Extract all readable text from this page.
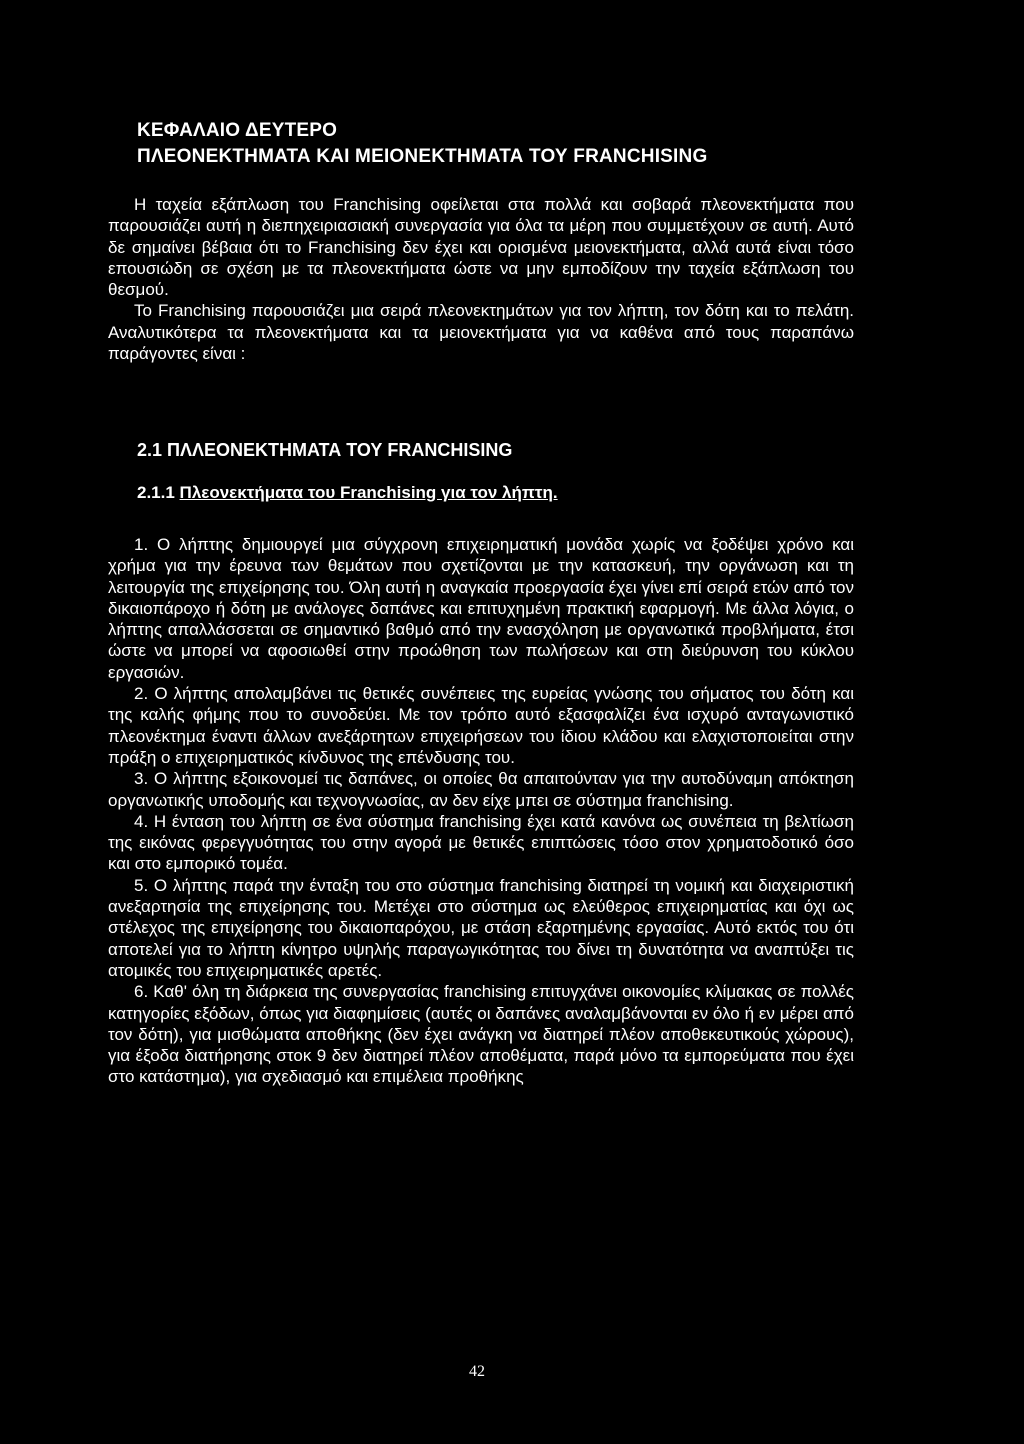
ΚΕΦΑΛΑΙΟ ΔΕΥΤΕΡΟ
ΠΛΕΟΝΕΚΤΗΜΑΤΑ ΚΑΙ ΜΕΙΟΝΕΚΤΗΜΑΤΑ ΤΟΥ FRANCHISING

Η ταχεία εξάπλωση του Franchising οφείλεται στα πολλά και σοβαρά πλεονεκτήματα που παρουσιάζει αυτή η διεπηχειριασιακή συνεργασία για όλα τα μέρη που συμμετέχουν σε αυτή. Αυτό δε σημαίνει βέβαια ότι το Franchising δεν έχει και ορισμένα μειονεκτήματα, αλλά αυτά είναι τόσο επουσιώδη σε σχέση με τα πλεονεκτήματα ώστε να μην εμποδίζουν την ταχεία εξάπλωση του θεσμού.

Το Franchising παρουσιάζει μια σειρά πλεονεκτημάτων για τον λήπτη, τον δότη και το πελάτη. Αναλυτικότερα τα πλεονεκτήματα και τα μειονεκτήματα για να καθένα από τους παραπάνω παράγοντες είναι :

2.1 ΠΛΛΕΟΝΕΚΤΗΜΑΤΑ ΤΟΥ FRANCHISING
2.1.1 Πλεονεκτήματα του Franchising για τον λήπτη.

1. Ο λήπτης δημιουργεί μια σύγχρονη επιχειρηματική μονάδα χωρίς να ξοδέψει χρόνο και χρήμα για την έρευνα των θεμάτων που σχετίζονται με την κατασκευή, την οργάνωση και τη λειτουργία της επιχείρησης του. Όλη αυτή η αναγκαία προεργασία έχει γίνει επί σειρά ετών από τον δικαιοπάροχο ή δότη με ανάλογες δαπάνες και επιτυχημένη πρακτική εφαρμογή. Με άλλα λόγια, ο λήπτης απαλλάσσεται σε σημαντικό βαθμό από την ενασχόληση με οργανωτικά προβλήματα, έτσι ώστε να μπορεί να αφοσιωθεί στην προώθηση των πωλήσεων και στη διεύρυνση του κύκλου εργασιών.

2. Ο λήπτης απολαμβάνει τις θετικές συνέπειες της ευρείας γνώσης του σήματος του δότη και της καλής φήμης που το συνοδεύει. Με τον τρόπο αυτό εξασφαλίζει ένα ισχυρό ανταγωνιστικό πλεονέκτημα έναντι άλλων ανεξάρτητων επιχειρήσεων του ίδιου κλάδου και ελαχιστοποιείται στην πράξη ο επιχειρηματικός κίνδυνος της επένδυσης του.

3. Ο λήπτης εξοικονομεί τις δαπάνες, οι οποίες θα απαιτούνταν για την αυτοδύναμη απόκτηση οργανωτικής υποδομής και τεχνογνωσίας, αν δεν είχε μπει σε σύστημα franchising.

4. Η ένταση του λήπτη σε ένα σύστημα franchising έχει κατά κανόνα ως συνέπεια τη βελτίωση της εικόνας φερεγγυότητας του στην αγορά με θετικές επιπτώσεις τόσο στον χρηματοδοτικό όσο και στο εμπορικό τομέα.

5. Ο λήπτης παρά την ένταξη του στο σύστημα franchising διατηρεί τη νομική και διαχειριστική ανεξαρτησία της επιχείρησης του. Μετέχει στο σύστημα ως ελεύθερος επιχειρηματίας και όχι ως στέλεχος της επιχείρησης του δικαιοπαρόχου, με στάση εξαρτημένης εργασίας. Αυτό εκτός του ότι αποτελεί για το λήπτη κίνητρο υψηλής παραγωγικότητας του δίνει τη δυνατότητα να αναπτύξει τις ατομικές του επιχειρηματικές αρετές.

6. Καθ' όλη τη διάρκεια της συνεργασίας franchising επιτυγχάνει οικονομίες κλίμακας σε πολλές κατηγορίες εξόδων, όπως για διαφημίσεις (αυτές οι δαπάνες αναλαμβάνονται εν όλο ή εν μέρει από τον δότη), για μισθώματα αποθήκης (δεν έχει ανάγκη να διατηρεί πλέον αποθεκευτικούς χώρους), για έξοδα διατήρησης στοκ 9 δεν διατηρεί πλέον αποθέματα, παρά μόνο τα εμπορεύματα που έχει στο κατάστημα), για σχεδιασμό και επιμέλεια προθήκης

42
